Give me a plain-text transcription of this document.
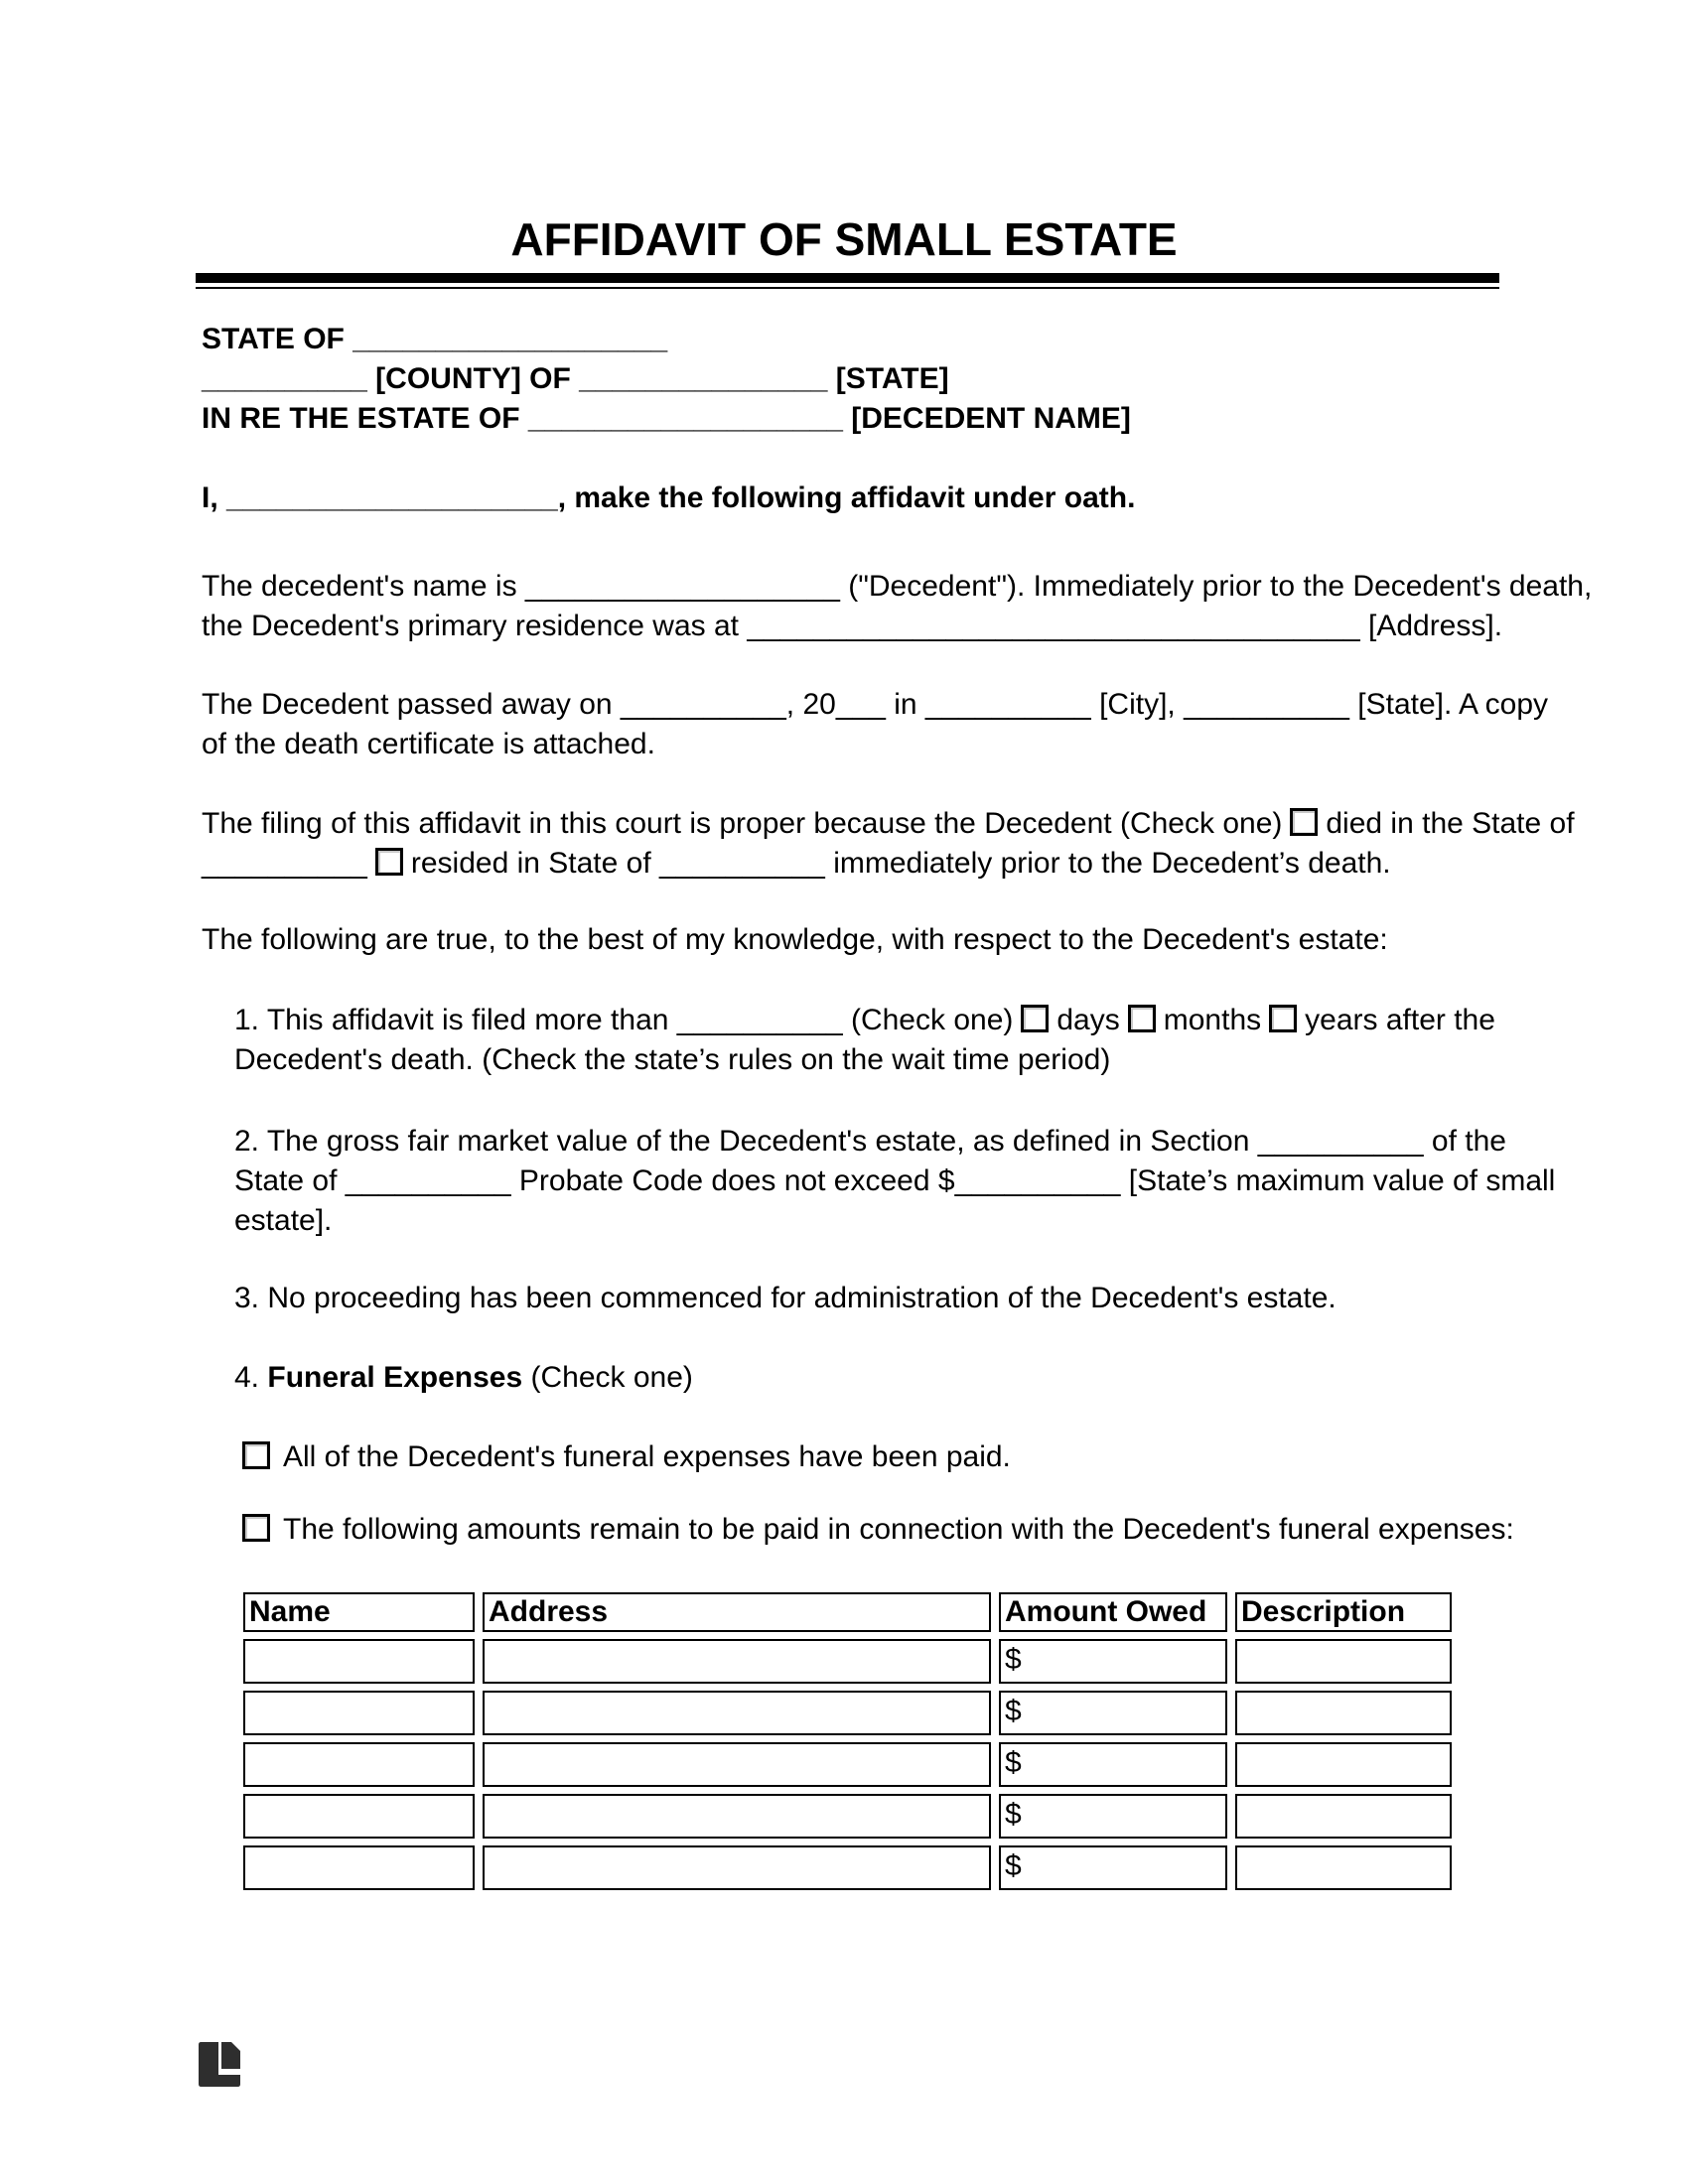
AFFIDAVIT OF SMALL ESTATE
STATE OF ___________________
__________ [COUNTY] OF _______________ [STATE]
IN RE THE ESTATE OF ___________________ [DECEDENT NAME]
I, ____________________, make the following affidavit under oath.
The decedent's name is ___________________ ("Decedent"). Immediately prior to the Decedent's death,
the Decedent's primary residence was at _____________________________________ [Address].
The Decedent passed away on __________, 20___ in __________ [City], __________ [State]. A copy
of the death certificate is attached.
The filing of this affidavit in this court is proper because the Decedent (Check one) died in the State of
__________ resided in State of __________ immediately prior to the Decedent’s death.
The following are true, to the best of my knowledge, with respect to the Decedent's estate:
1. This affidavit is filed more than __________ (Check one) days months years after the
Decedent's death. (Check the state’s rules on the wait time period)
2. The gross fair market value of the Decedent's estate, as defined in Section __________ of the
State of __________ Probate Code does not exceed $__________ [State’s maximum value of small
estate].
3. No proceeding has been commenced for administration of the Decedent's estate.
4. Funeral Expenses (Check one)
All of the Decedent's funeral expenses have been paid.
The following amounts remain to be paid in connection with the Decedent's funeral expenses:
Name	Address	Amount Owed	Description
		$	
		$	
		$	
		$	
		$	
